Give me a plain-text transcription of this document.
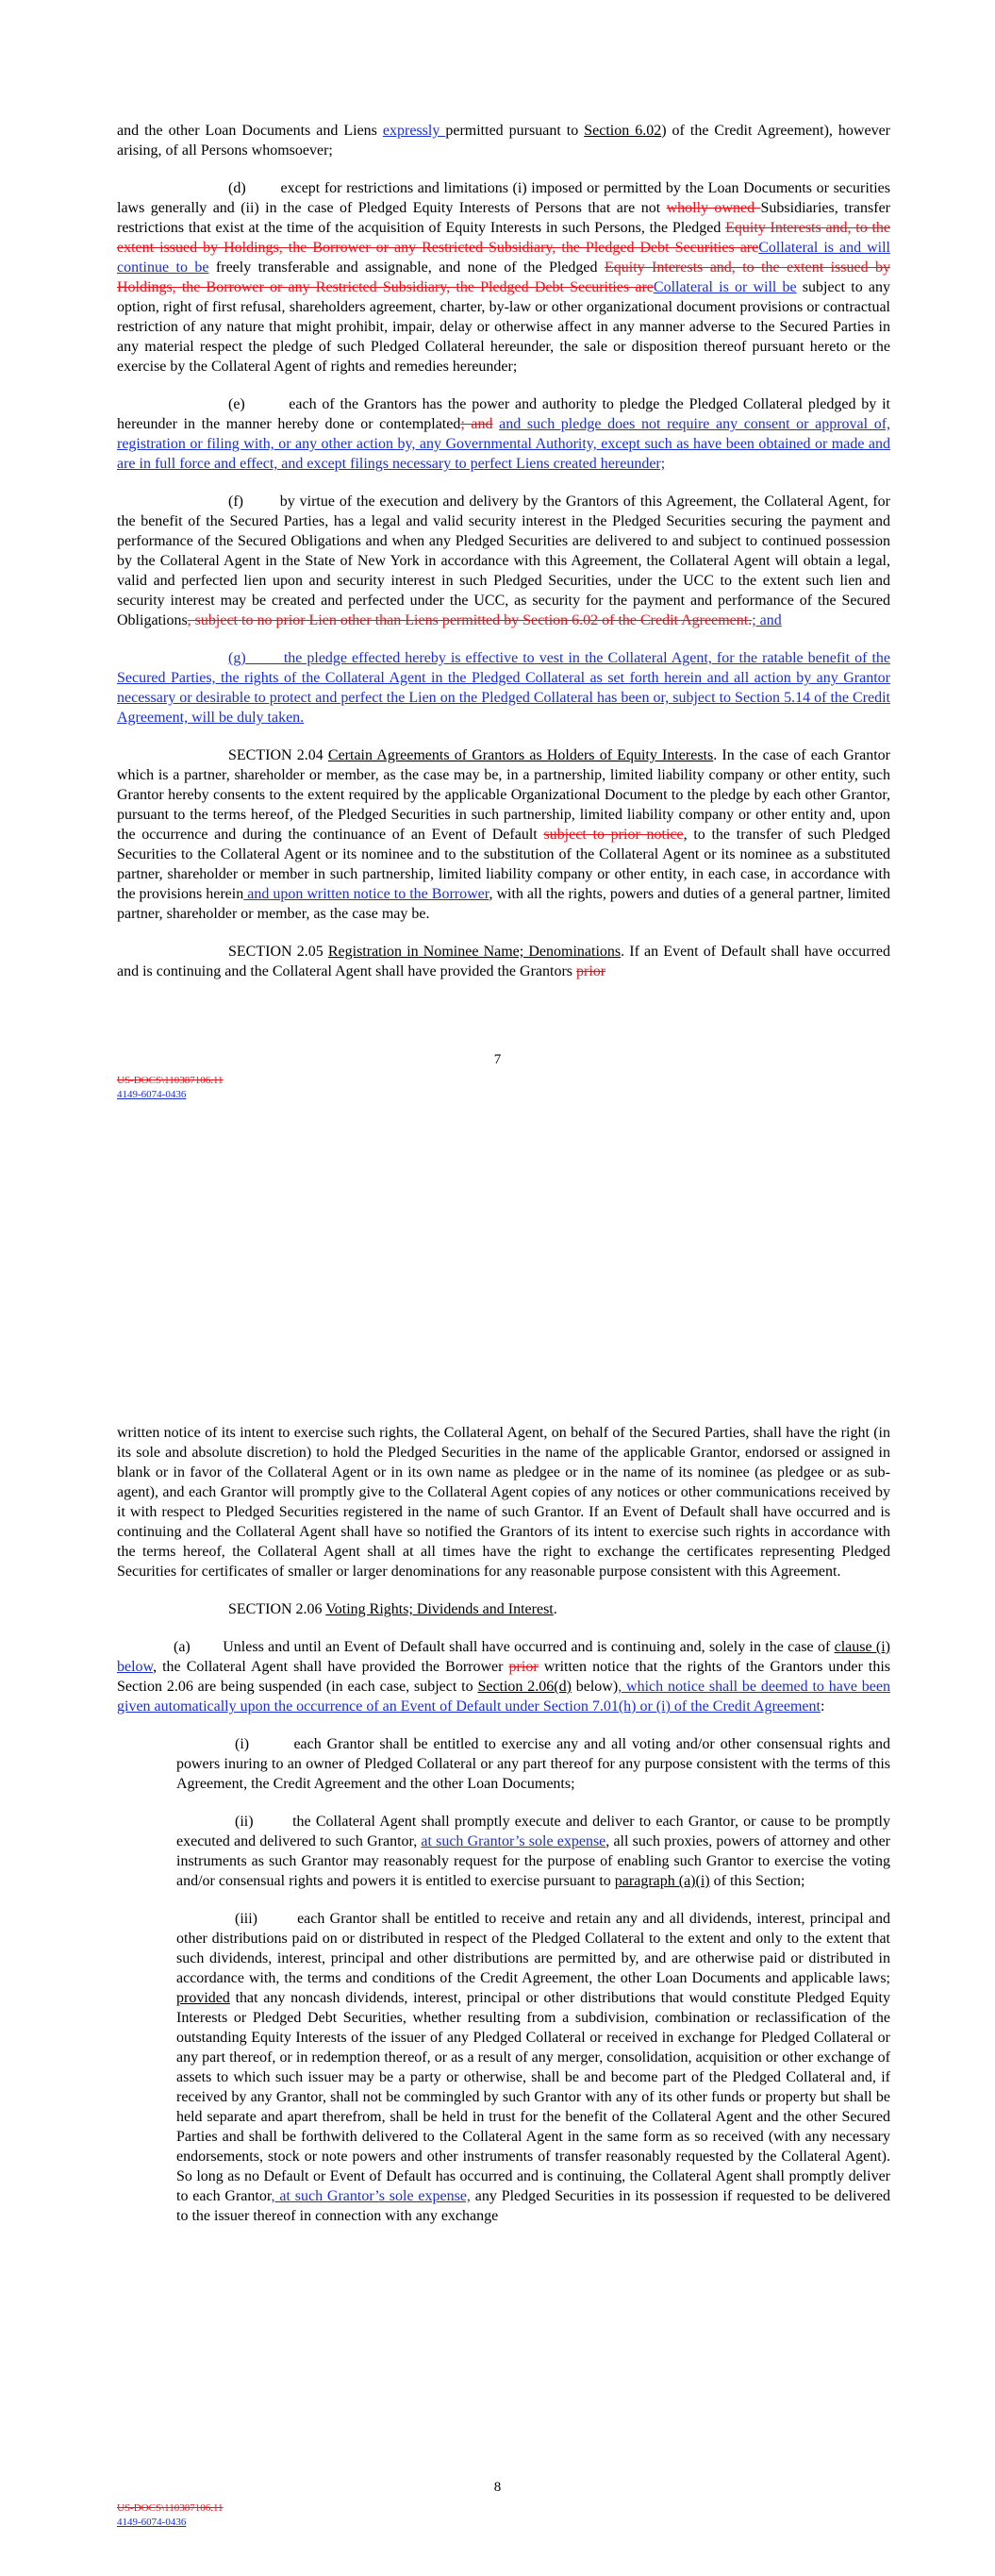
and the other Loan Documents and Liens expressly permitted pursuant to Section 6.02) of the Credit Agreement), however arising, of all Persons whomsoever;

(d)        except for restrictions and limitations (i) imposed or permitted by the Loan Documents or securities laws generally and (ii) in the case of Pledged Equity Interests of Persons that are not wholly owned Subsidiaries, transfer restrictions that exist at the time of the acquisition of Equity Interests in such Persons, the Pledged Equity Interests and, to the extent issued by Holdings, the Borrower or any Restricted Subsidiary, the Pledged Debt Securities areCollateral is and will continue to be freely transferable and assignable, and none of the Pledged Equity Interests and, to the extent issued by Holdings, the Borrower or any Restricted Subsidiary, the Pledged Debt Securities areCollateral is or will be subject to any option, right of first refusal, shareholders agreement, charter, by-law or other organizational document provisions or contractual restriction of any nature that might prohibit, impair, delay or otherwise affect in any manner adverse to the Secured Parties in any material respect the pledge of such Pledged Collateral hereunder, the sale or disposition thereof pursuant hereto or the exercise by the Collateral Agent of rights and remedies hereunder;

(e)        each of the Grantors has the power and authority to pledge the Pledged Collateral pledged by it hereunder in the manner hereby done or contemplated; and and such pledge does not require any consent or approval of, registration or filing with, or any other action by, any Governmental Authority, except such as have been obtained or made and are in full force and effect, and except filings necessary to perfect Liens created hereunder;

(f)        by virtue of the execution and delivery by the Grantors of this Agreement, the Collateral Agent, for the benefit of the Secured Parties, has a legal and valid security interest in the Pledged Securities securing the payment and performance of the Secured Obligations and when any Pledged Securities are delivered to and subject to continued possession by the Collateral Agent in the State of New York in accordance with this Agreement, the Collateral Agent will obtain a legal, valid and perfected lien upon and security interest in such Pledged Securities, under the UCC to the extent such lien and security interest may be created and perfected under the UCC, as security for the payment and performance of the Secured Obligations, subject to no prior Lien other than Liens permitted by Section 6.02 of the Credit Agreement.; and

(g)        the pledge effected hereby is effective to vest in the Collateral Agent, for the ratable benefit of the Secured Parties, the rights of the Collateral Agent in the Pledged Collateral as set forth herein and all action by any Grantor necessary or desirable to protect and perfect the Lien on the Pledged Collateral has been or, subject to Section 5.14 of the Credit Agreement, will be duly taken.

SECTION 2.04 Certain Agreements of Grantors as Holders of Equity Interests. In the case of each Grantor which is a partner, shareholder or member, as the case may be, in a partnership, limited liability company or other entity, such Grantor hereby consents to the extent required by the applicable Organizational Document to the pledge by each other Grantor, pursuant to the terms hereof, of the Pledged Securities in such partnership, limited liability company or other entity and, upon the occurrence and during the continuance of an Event of Default subject to prior notice, to the transfer of such Pledged Securities to the Collateral Agent or its nominee and to the substitution of the Collateral Agent or its nominee as a substituted partner, shareholder or member in such partnership, limited liability company or other entity, in each case, in accordance with the provisions herein and upon written notice to the Borrower, with all the rights, powers and duties of a general partner, limited partner, shareholder or member, as the case may be.

SECTION 2.05 Registration in Nominee Name; Denominations. If an Event of Default shall have occurred and is continuing and the Collateral Agent shall have provided the Grantors prior

7
US-DOCS\110387106.11
4149-6074-0436

written notice of its intent to exercise such rights, the Collateral Agent, on behalf of the Secured Parties, shall have the right (in its sole and absolute discretion) to hold the Pledged Securities in the name of the applicable Grantor, endorsed or assigned in blank or in favor of the Collateral Agent or in its own name as pledgee or in the name of its nominee (as pledgee or as sub-agent), and each Grantor will promptly give to the Collateral Agent copies of any notices or other communications received by it with respect to Pledged Securities registered in the name of such Grantor. If an Event of Default shall have occurred and is continuing and the Collateral Agent shall have so notified the Grantors of its intent to exercise such rights in accordance with the terms hereof, the Collateral Agent shall at all times have the right to exchange the certificates representing Pledged Securities for certificates of smaller or larger denominations for any reasonable purpose consistent with this Agreement.

SECTION 2.06 Voting Rights; Dividends and Interest.

(a)        Unless and until an Event of Default shall have occurred and is continuing and, solely in the case of clause (i) below, the Collateral Agent shall have provided the Borrower prior written notice that the rights of the Grantors under this Section 2.06 are being suspended (in each case, subject to Section 2.06(d) below), which notice shall be deemed to have been given automatically upon the occurrence of an Event of Default under Section 7.01(h) or (i) of the Credit Agreement:

(i)        each Grantor shall be entitled to exercise any and all voting and/or other consensual rights and powers inuring to an owner of Pledged Collateral or any part thereof for any purpose consistent with the terms of this Agreement, the Credit Agreement and the other Loan Documents;

(ii)        the Collateral Agent shall promptly execute and deliver to each Grantor, or cause to be promptly executed and delivered to such Grantor, at such Grantor’s sole expense, all such proxies, powers of attorney and other instruments as such Grantor may reasonably request for the purpose of enabling such Grantor to exercise the voting and/or consensual rights and powers it is entitled to exercise pursuant to paragraph (a)(i) of this Section;

(iii)        each Grantor shall be entitled to receive and retain any and all dividends, interest, principal and other distributions paid on or distributed in respect of the Pledged Collateral to the extent and only to the extent that such dividends, interest, principal and other distributions are permitted by, and are otherwise paid or distributed in accordance with, the terms and conditions of the Credit Agreement, the other Loan Documents and applicable laws; provided that any noncash dividends, interest, principal or other distributions that would constitute Pledged Equity Interests or Pledged Debt Securities, whether resulting from a subdivision, combination or reclassification of the outstanding Equity Interests of the issuer of any Pledged Collateral or received in exchange for Pledged Collateral or any part thereof, or in redemption thereof, or as a result of any merger, consolidation, acquisition or other exchange of assets to which such issuer may be a party or otherwise, shall be and become part of the Pledged Collateral and, if received by any Grantor, shall not be commingled by such Grantor with any of its other funds or property but shall be held separate and apart therefrom, shall be held in trust for the benefit of the Collateral Agent and the other Secured Parties and shall be forthwith delivered to the Collateral Agent in the same form as so received (with any necessary endorsements, stock or note powers and other instruments of transfer reasonably requested by the Collateral Agent). So long as no Default or Event of Default has occurred and is continuing, the Collateral Agent shall promptly deliver to each Grantor, at such Grantor’s sole expense, any Pledged Securities in its possession if requested to be delivered to the issuer thereof in connection with any exchange

8
US-DOCS\110387106.11
4149-6074-0436
